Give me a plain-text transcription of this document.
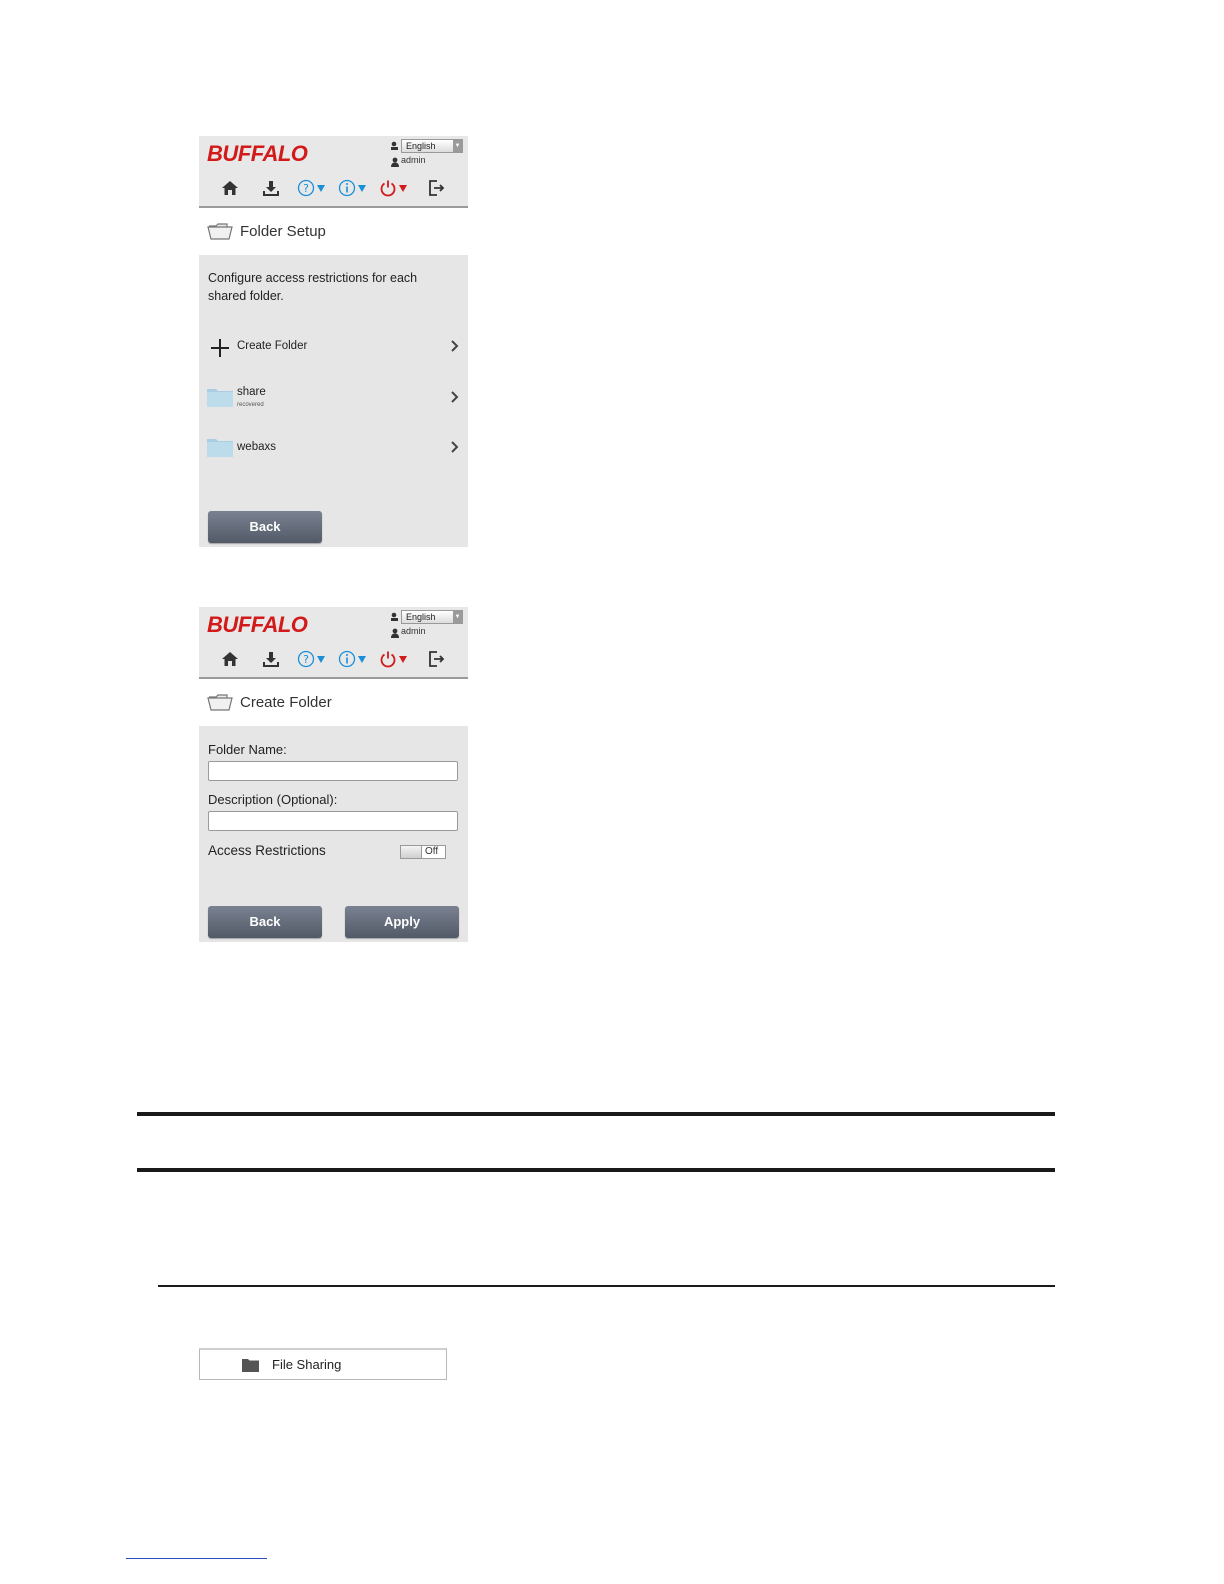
BUFFALO	English	▼
admin
?
Folder Setup
Configure access restrictions for each shared folder.
Create Folder
share
recovered
webaxs
Back
BUFFALO	English	▼
admin
?
Create Folder
Folder Name:
Description (Optional):
Access Restrictions	Off
Back	Apply
File Sharing
